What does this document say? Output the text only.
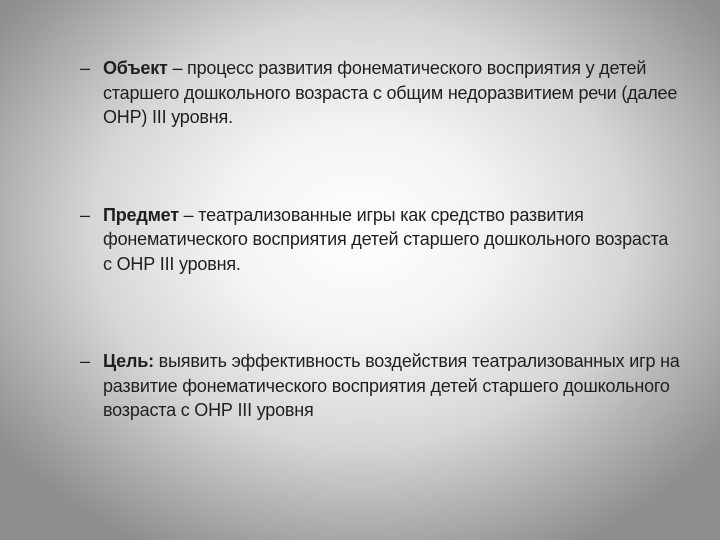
– Объект – процесс развития фонематического восприятия у детей старшего дошкольного возраста с общим недоразвитием речи (далее ОНР) III уровня.
– Предмет – театрализованные игры как средство развития фонематического восприятия детей старшего дошкольного возраста с ОНР III уровня.
– Цель: выявить эффективность воздействия театрализованных игр на развитие фонематического восприятия детей старшего дошкольного возраста с ОНР III уровня
